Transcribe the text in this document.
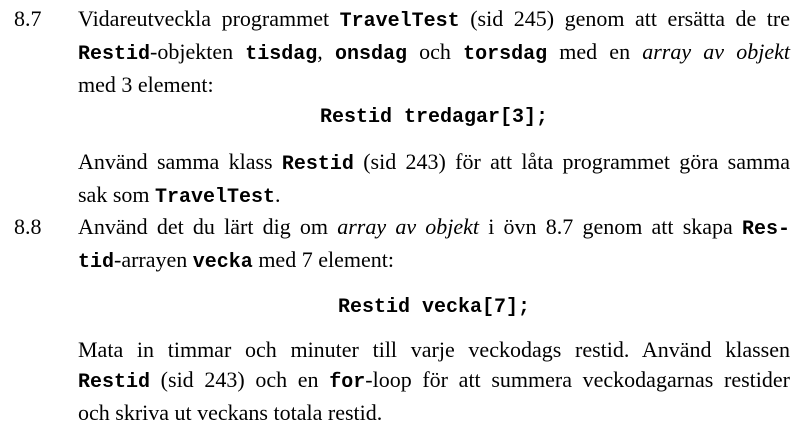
8.7 Vidareutveckla programmet TravelTest (sid 245) genom att ersätta de tre
Restid-objekten tisdag, onsdag och torsdag med en array av objekt
med 3 element:
Restid tredagar[3];
Använd samma klass Restid (sid 243) för att låta programmet göra samma
sak som TravelTest.
8.8 Använd det du lärt dig om array av objekt i övn 8.7 genom att skapa Res-
tid-arrayen vecka med 7 element:
Restid vecka[7];
Mata in timmar och minuter till varje veckodags restid. Använd klassen
Restid (sid 243) och en for-loop för att summera veckodagarnas restider
och skriva ut veckans totala restid.
